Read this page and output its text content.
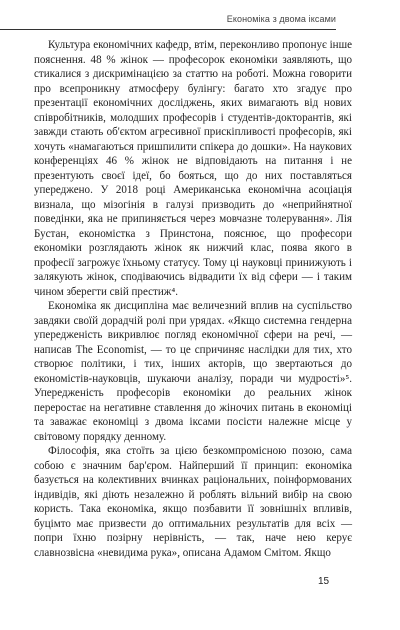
Економіка з двома іксами

Культура економічних кафедр, втім, переконливо пропонує інше пояснення. 48 % жінок — професорок економіки заявляють, що стикалися з дискримінацією за статтю на роботі. Можна говорити про всепроникну атмосферу булінгу: багато хто згадує про презентації економічних досліджень, яких вимагають від нових співробітників, молодших професорів і студентів-докторантів, які завжди стають об'єктом агресивної прискіпливості професорів, які хочуть «намагаються пришпилити спікера до дошки». На наукових конференціях 46 % жінок не відповідають на питання і не презентують своєї ідеї, бо бояться, що до них поставляться упереджено. У 2018 році Американська економічна асоціація визнала, що мізогінія в галузі призводить до «неприйнятної поведінки, яка не припиняється через мовчазне толерування». Лія Бустан, економістка з Принстона, пояснює, що професори економіки розглядають жінок як нижчий клас, поява якого в професії загрожує їхньому статусу. Тому ці науковці принижують і залякують жінок, сподіваючись відвадити їх від сфери — і таким чином зберегти свій престиж⁴.

Економіка як дисципліна має величезний вплив на суспільство завдяки своїй дорадчій ролі при урядах. «Якщо системна гендерна упередженість викривлює погляд економічної сфери на речі, — написав The Economist, — то це спричиняє наслідки для тих, хто створює політики, і тих, інших акторів, що звертаються до економістів-науковців, шукаючи аналізу, поради чи мудрості»⁵. Упередженість професорів економіки до реальних жінок переростає на негативне ставлення до жіночих питань в економіці та заважає економіці з двома іксами посісти належне місце у світовому порядку денному.

Філософія, яка стоїть за цією безкомпромісною позою, сама собою є значним бар'єром. Найперший її принцип: економіка базується на колективних вчинках раціональних, поінформованих індивідів, які діють незалежно й роблять вільний вибір на свою користь. Така економіка, якщо позбавити її зовнішніх впливів, буцімто має призвести до оптимальних результатів для всіх — попри їхню позірну нерівність, — так, наче нею керує славнозвісна «невидима рука», описана Адамом Смітом. Якщо

15
